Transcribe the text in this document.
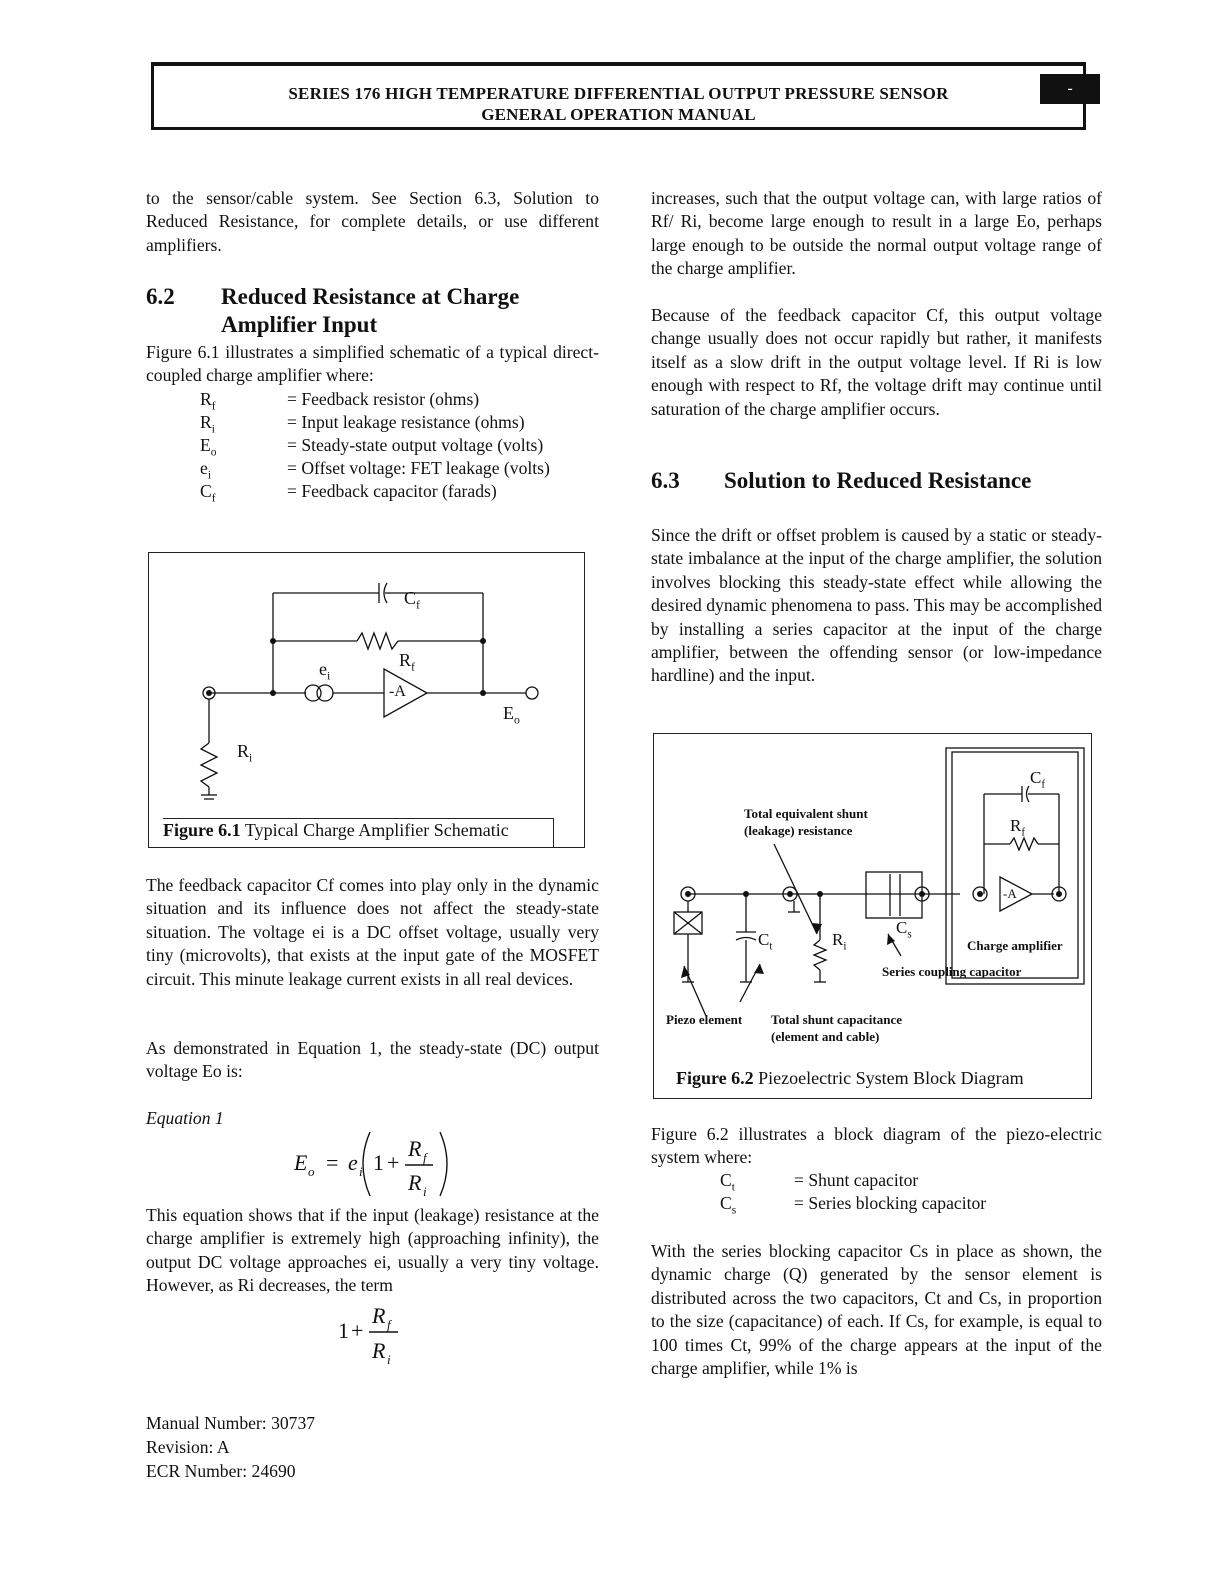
SERIES 176 HIGH TEMPERATURE DIFFERENTIAL OUTPUT PRESSURE SENSOR
GENERAL OPERATION MANUAL
-
to the sensor/cable system. See Section 6.3, Solution to Reduced Resistance, for complete details, or use different amplifiers.
6.2 Reduced Resistance at Charge
Amplifier Input
Figure 6.1 illustrates a simplified schematic of a typical direct-coupled charge amplifier where:
$R_f$	= Feedback resistor (ohms)
$R_i$	= Input leakage resistance (ohms)
$E_o$	= Steady-state output voltage (volts)
$e_i$	= Offset voltage: FET leakage (volts)
$C_f$	= Feedback capacitor (farads)
$C_f$
$R_f$
$e_i$
-A
$E_o$
$R_i$
Figure 6.1 Typical Charge Amplifier Schematic
The feedback capacitor Cf comes into play only in the dynamic situation and its influence does not affect the steady-state situation. The voltage ei is a DC offset voltage, usually very tiny (microvolts), that exists at the input gate of the MOSFET circuit. This minute leakage current exists in all real devices.
As demonstrated in Equation 1, the steady-state (DC) output voltage Eo is:
Equation 1
E o = e i 1 +
R f
R i
This equation shows that if the input (leakage) resistance at the charge amplifier is extremely high (approaching infinity), the output DC voltage approaches ei, usually a very tiny voltage. However, as Ri decreases, the term
1 +
R f
R i
Manual Number: 30737
Revision: A
ECR Number: 24690
increases, such that the output voltage can, with large ratios of Rf/ Ri, become large enough to result in a large Eo, perhaps large enough to be outside the normal output voltage range of the charge amplifier.
Because of the feedback capacitor Cf, this output voltage change usually does not occur rapidly but rather, it manifests itself as a slow drift in the output voltage level. If Ri is low enough with respect to Rf, the voltage drift may continue until saturation of the charge amplifier occurs.
6.3 Solution to Reduced Resistance
Since the drift or offset problem is caused by a static or steady-state imbalance at the input of the charge amplifier, the solution involves blocking this steady-state effect while allowing the desired dynamic phenomena to pass. This may be accomplished by installing a series capacitor at the input of the charge amplifier, between the offending sensor (or low-impedance hardline) and the input.
Total equivalent shunt
(leakage) resistance
$C_f$
$R_f$
-A
$C_t$	$R_i$
$C_s$
Charge amplifier
Series coupling capacitor
Piezo element Total shunt capacitance
(element and cable)
Figure 6.2 Piezoelectric System Block Diagram
Figure 6.2 illustrates a block diagram of the piezo-electric system where:
$C_t$	= Shunt capacitor
$C_s$	= Series blocking capacitor
With the series blocking capacitor Cs in place as shown, the dynamic charge (Q) generated by the sensor element is distributed across the two capacitors, Ct and Cs, in proportion to the size (capacitance) of each. If Cs, for example, is equal to 100 times Ct, 99% of the charge appears at the input of the charge amplifier, while 1% is
